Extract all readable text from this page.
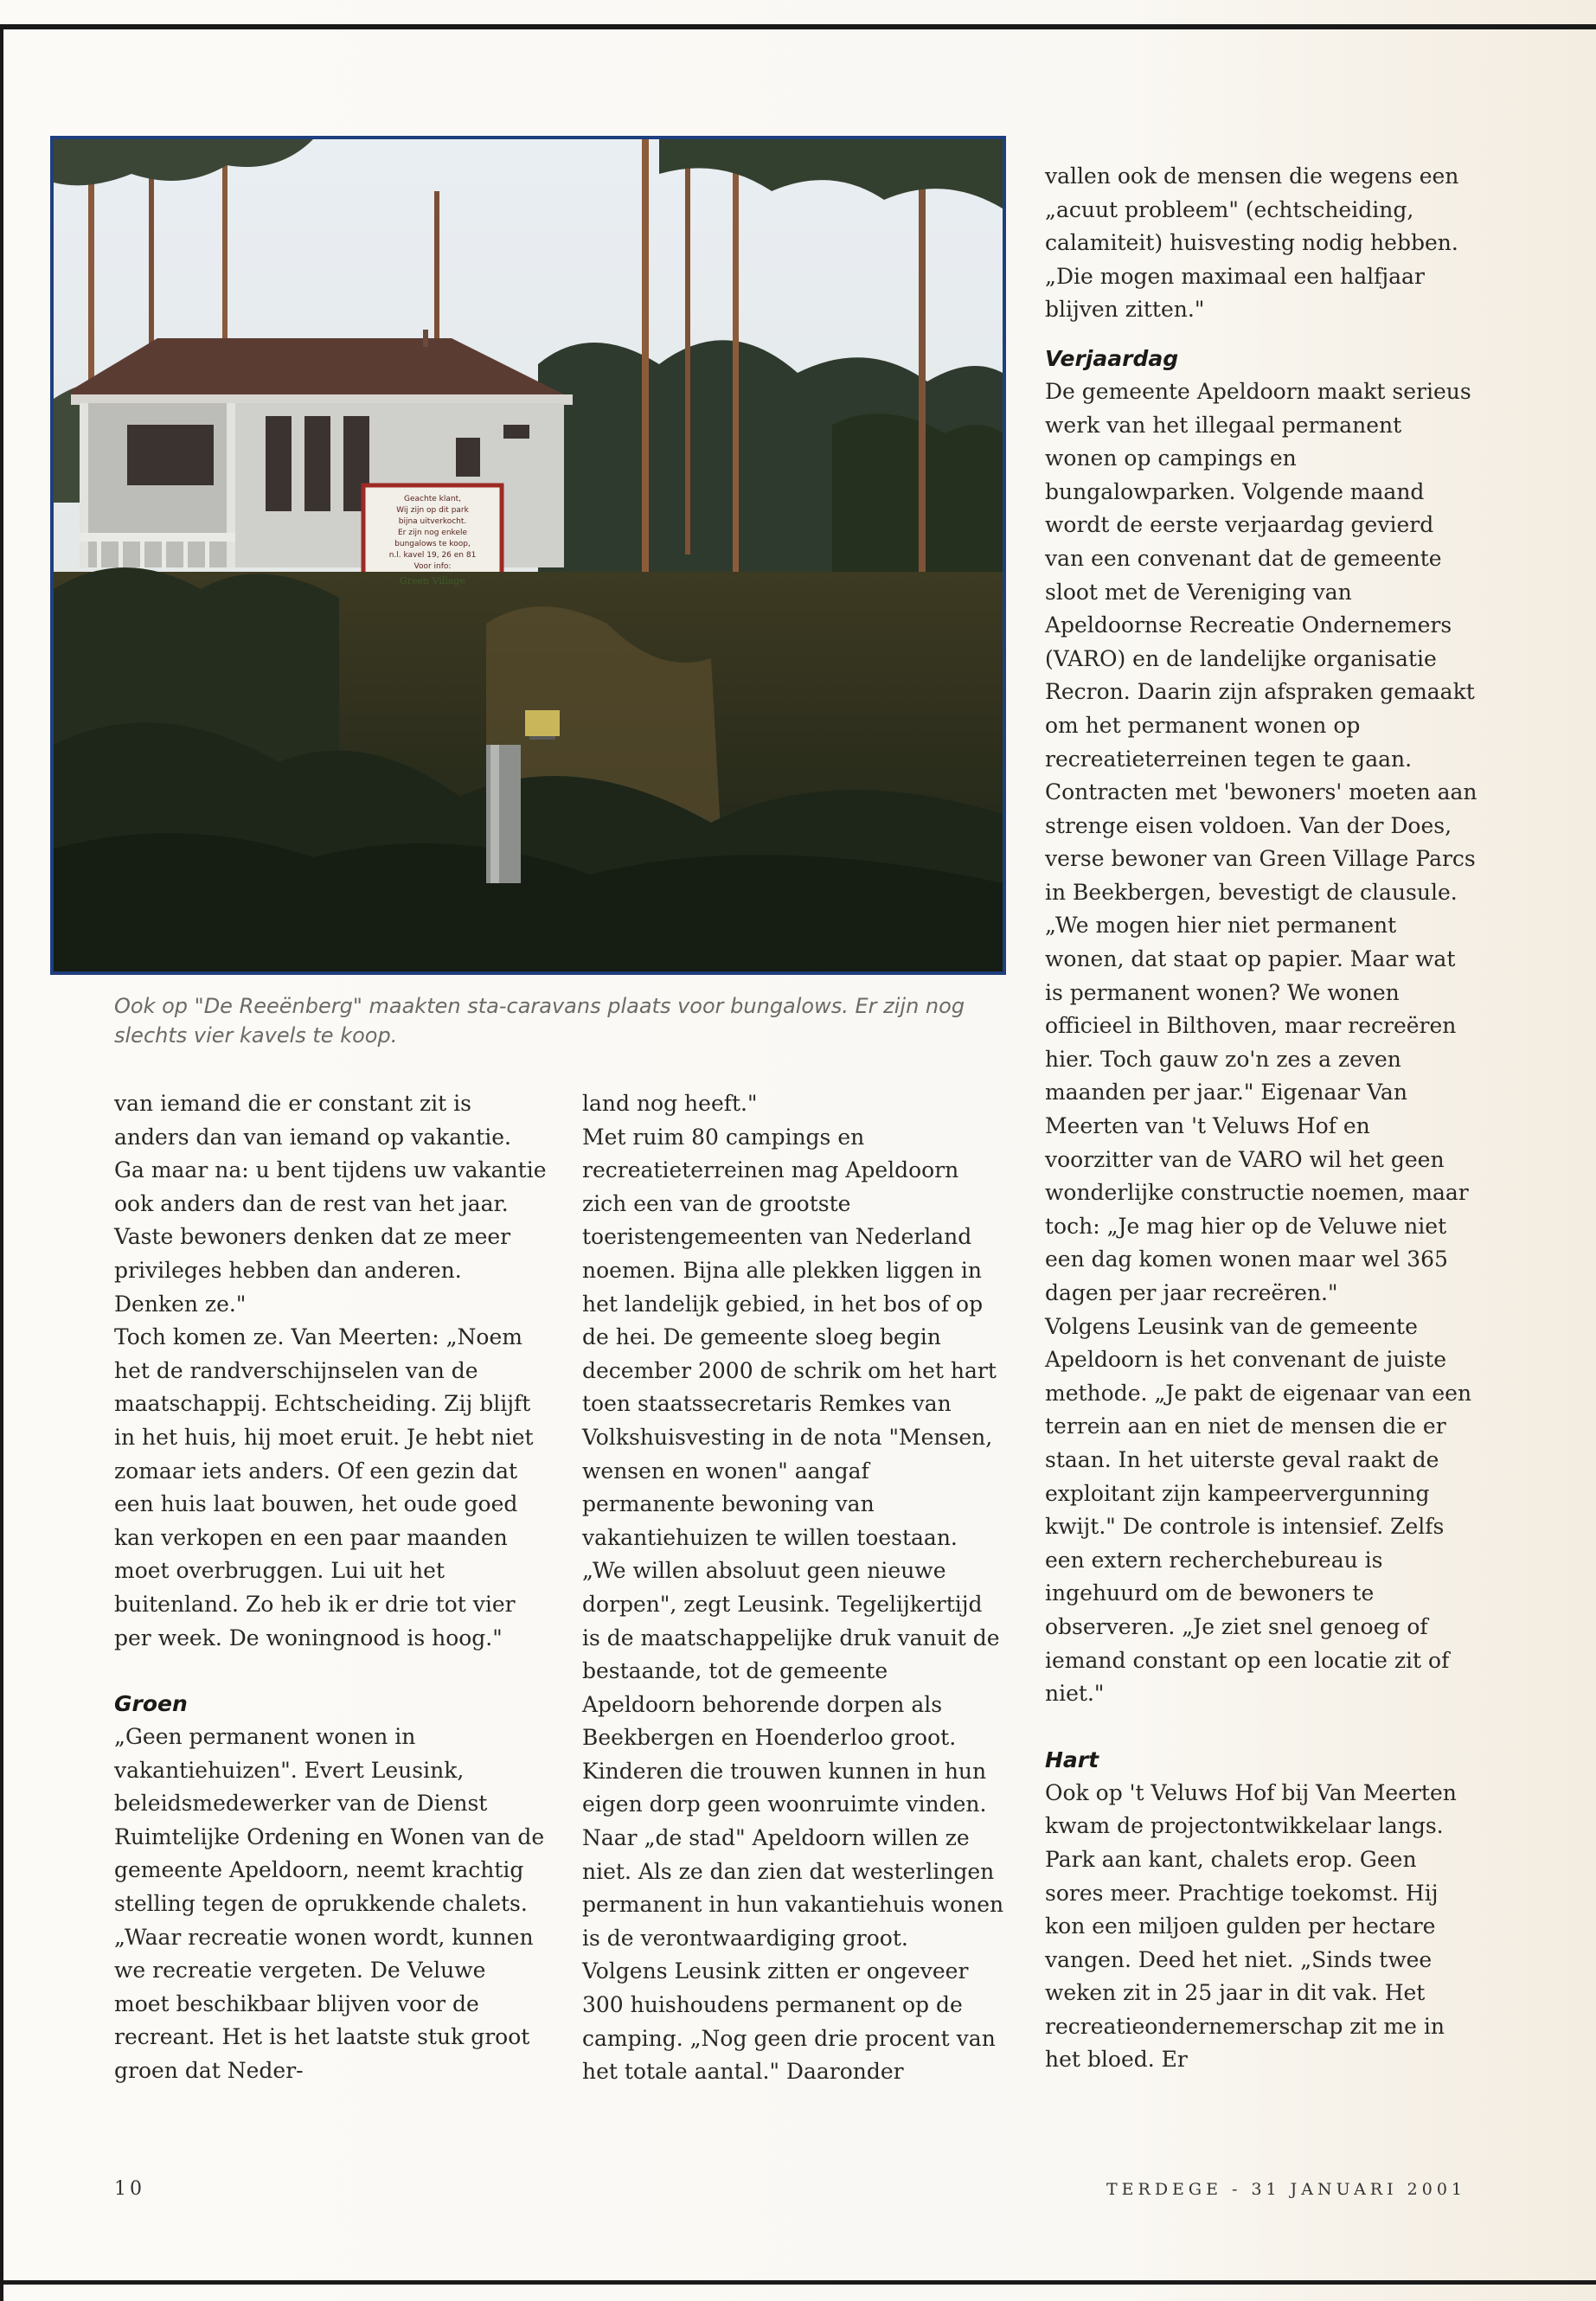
Geachte klant,
Wij zijn op dit park
bijna uitverkocht.
Er zijn nog enkele
bungalows te koop,
n.l. kavel 19, 26 en 81
Voor info:
Green Village
Ook op "De Reeënberg" maakten sta-caravans plaats voor bungalows. Er zijn nog slechts vier kavels te koop.

van iemand die er constant zit is anders dan van iemand op vakantie. Ga maar na: u bent tijdens uw vakantie ook anders dan de rest van het jaar. Vaste bewoners denken dat ze meer privileges hebben dan anderen. Denken ze."

Toch komen ze. Van Meerten: „Noem het de randverschijnselen van de maatschappij. Echtscheiding. Zij blijft in het huis, hij moet eruit. Je hebt niet zomaar iets anders. Of een gezin dat een huis laat bouwen, het oude goed kan verkopen en een paar maanden moet overbruggen. Lui uit het buitenland. Zo heb ik er drie tot vier per week. De woningnood is hoog."

Groen

„Geen permanent wonen in vakantiehuizen". Evert Leusink, beleidsmedewerker van de Dienst Ruimtelijke Ordening en Wonen van de gemeente Apeldoorn, neemt krachtig stelling tegen de oprukkende chalets. „Waar recreatie wonen wordt, kunnen we recreatie vergeten. De Veluwe moet beschikbaar blijven voor de recreant. Het is het laatste stuk groot groen dat Neder-

land nog heeft."

Met ruim 80 campings en recreatieterreinen mag Apeldoorn zich een van de grootste toeristengemeenten van Nederland noemen. Bijna alle plekken liggen in het landelijk gebied, in het bos of op de hei. De gemeente sloeg begin december 2000 de schrik om het hart toen staatssecretaris Remkes van Volkshuisvesting in de nota "Mensen, wensen en wonen" aangaf permanente bewoning van vakantiehuizen te willen toestaan.

„We willen absoluut geen nieuwe dorpen", zegt Leusink. Tegelijkertijd is de maatschappelijke druk vanuit de bestaande, tot de gemeente Apeldoorn behorende dorpen als Beekbergen en Hoenderloo groot. Kinderen die trouwen kunnen in hun eigen dorp geen woonruimte vinden. Naar „de stad" Apeldoorn willen ze niet. Als ze dan zien dat westerlingen permanent in hun vakantiehuis wonen is de verontwaardiging groot.

Volgens Leusink zitten er ongeveer 300 huishoudens permanent op de camping. „Nog geen drie procent van het totale aantal." Daaronder

vallen ook de mensen die wegens een „acuut probleem" (echtscheiding, calamiteit) huisvesting nodig hebben. „Die mogen maximaal een halfjaar blijven zitten."

Verjaardag

De gemeente Apeldoorn maakt serieus werk van het illegaal permanent wonen op campings en bungalowparken. Volgende maand wordt de eerste verjaardag gevierd van een convenant dat de gemeente sloot met de Vereniging van Apeldoornse Recreatie Ondernemers (VARO) en de landelijke organisatie Recron. Daarin zijn afspraken gemaakt om het permanent wonen op recreatieterreinen tegen te gaan. Contracten met 'bewoners' moeten aan strenge eisen voldoen. Van der Does, verse bewoner van Green Village Parcs in Beekbergen, bevestigt de clausule. „We mogen hier niet permanent wonen, dat staat op papier. Maar wat is permanent wonen? We wonen officieel in Bilthoven, maar recreëren hier. Toch gauw zo'n zes a zeven maanden per jaar." Eigenaar Van Meerten van 't Veluws Hof en voorzitter van de VARO wil het geen wonderlijke constructie noemen, maar toch: „Je mag hier op de Veluwe niet een dag komen wonen maar wel 365 dagen per jaar recreëren."

Volgens Leusink van de gemeente Apeldoorn is het convenant de juiste methode. „Je pakt de eigenaar van een terrein aan en niet de mensen die er staan. In het uiterste geval raakt de exploitant zijn kampeervergunning kwijt." De controle is intensief. Zelfs een extern recherchebureau is ingehuurd om de bewoners te observeren. „Je ziet snel genoeg of iemand constant op een locatie zit of niet."

Hart

Ook op 't Veluws Hof bij Van Meerten kwam de projectontwikkelaar langs. Park aan kant, chalets erop. Geen sores meer. Prachtige toekomst. Hij kon een miljoen gulden per hectare vangen. Deed het niet. „Sinds twee weken zit in 25 jaar in dit vak. Het recreatieondernemerschap zit me in het bloed. Er

10	TERDEGE - 31 JANUARI 2001
